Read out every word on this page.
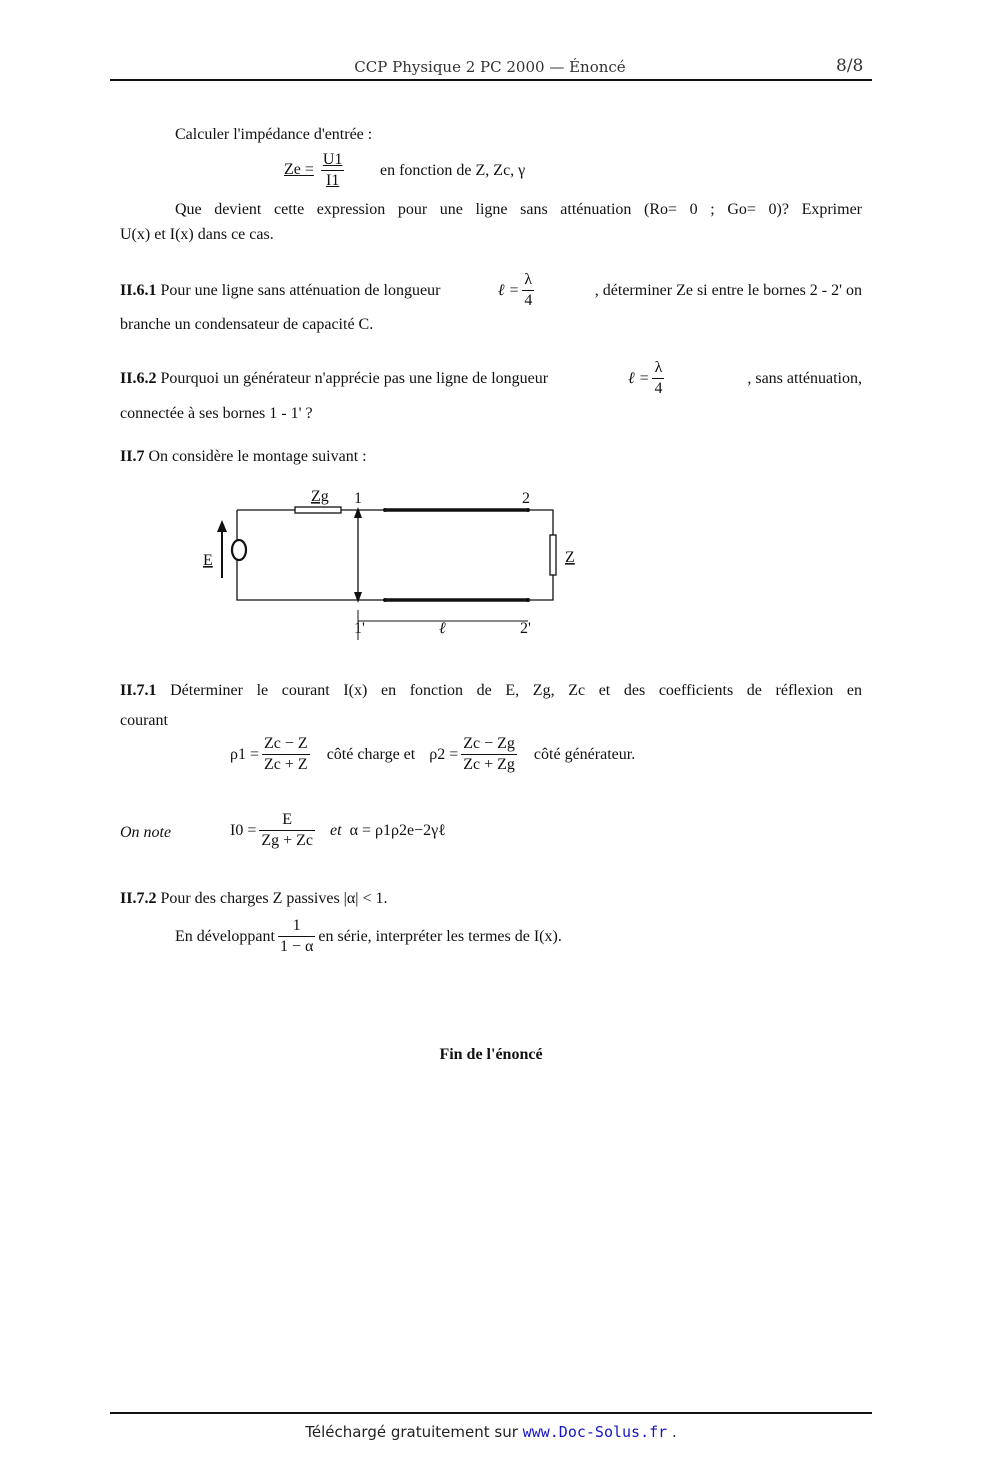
CCP Physique 2 PC 2000 — Énoncé	8/8
Calculer l'impédance d'entrée :
$Ze = \frac{U1}{I1}$ en fonction de Z, Zc, γ
Que devient cette expression pour une ligne sans atténuation (Ro= 0 ; Go= 0)? Exprimer
U(x) et I(x) dans ce cas.
II.6.1 Pour une ligne sans atténuation de longueur	ℓ = $\frac{\lambda}{4}$	, déterminer Ze si entre le bornes 2 - 2' on
branche un condensateur de capacité C.
II.6.2 Pourquoi un générateur n'apprécie pas une ligne de longueur	ℓ = $\frac{\lambda}{4}$	, sans atténuation,
connectée à ses bornes 1 - 1' ?
II.7 On considère le montage suivant :
Zg 1	2
E	Z
1'	ℓ	2'
II.7.1 Déterminer le courant I(x) en fonction de E, Zg, Zc et des coefficients de réflexion en
courant
$\rho 1 = \frac{Zc - Z}{Zc + Z}$ côté charge et $\rho 2 = \frac{Zc - Zg}{Zc + Zg}$ côté générateur.
On note	$I0 = \frac{E}{Zg + Zc}$ et α = ρ1ρ2e−2γℓ
II.7.2 Pour des charges Z passives |α| < 1.
En développant $\frac{1}{1 - \alpha}$ en série, interpréter les termes de I(x).
Fin de l'énoncé
Téléchargé gratuitement sur www.Doc-Solus.fr .
